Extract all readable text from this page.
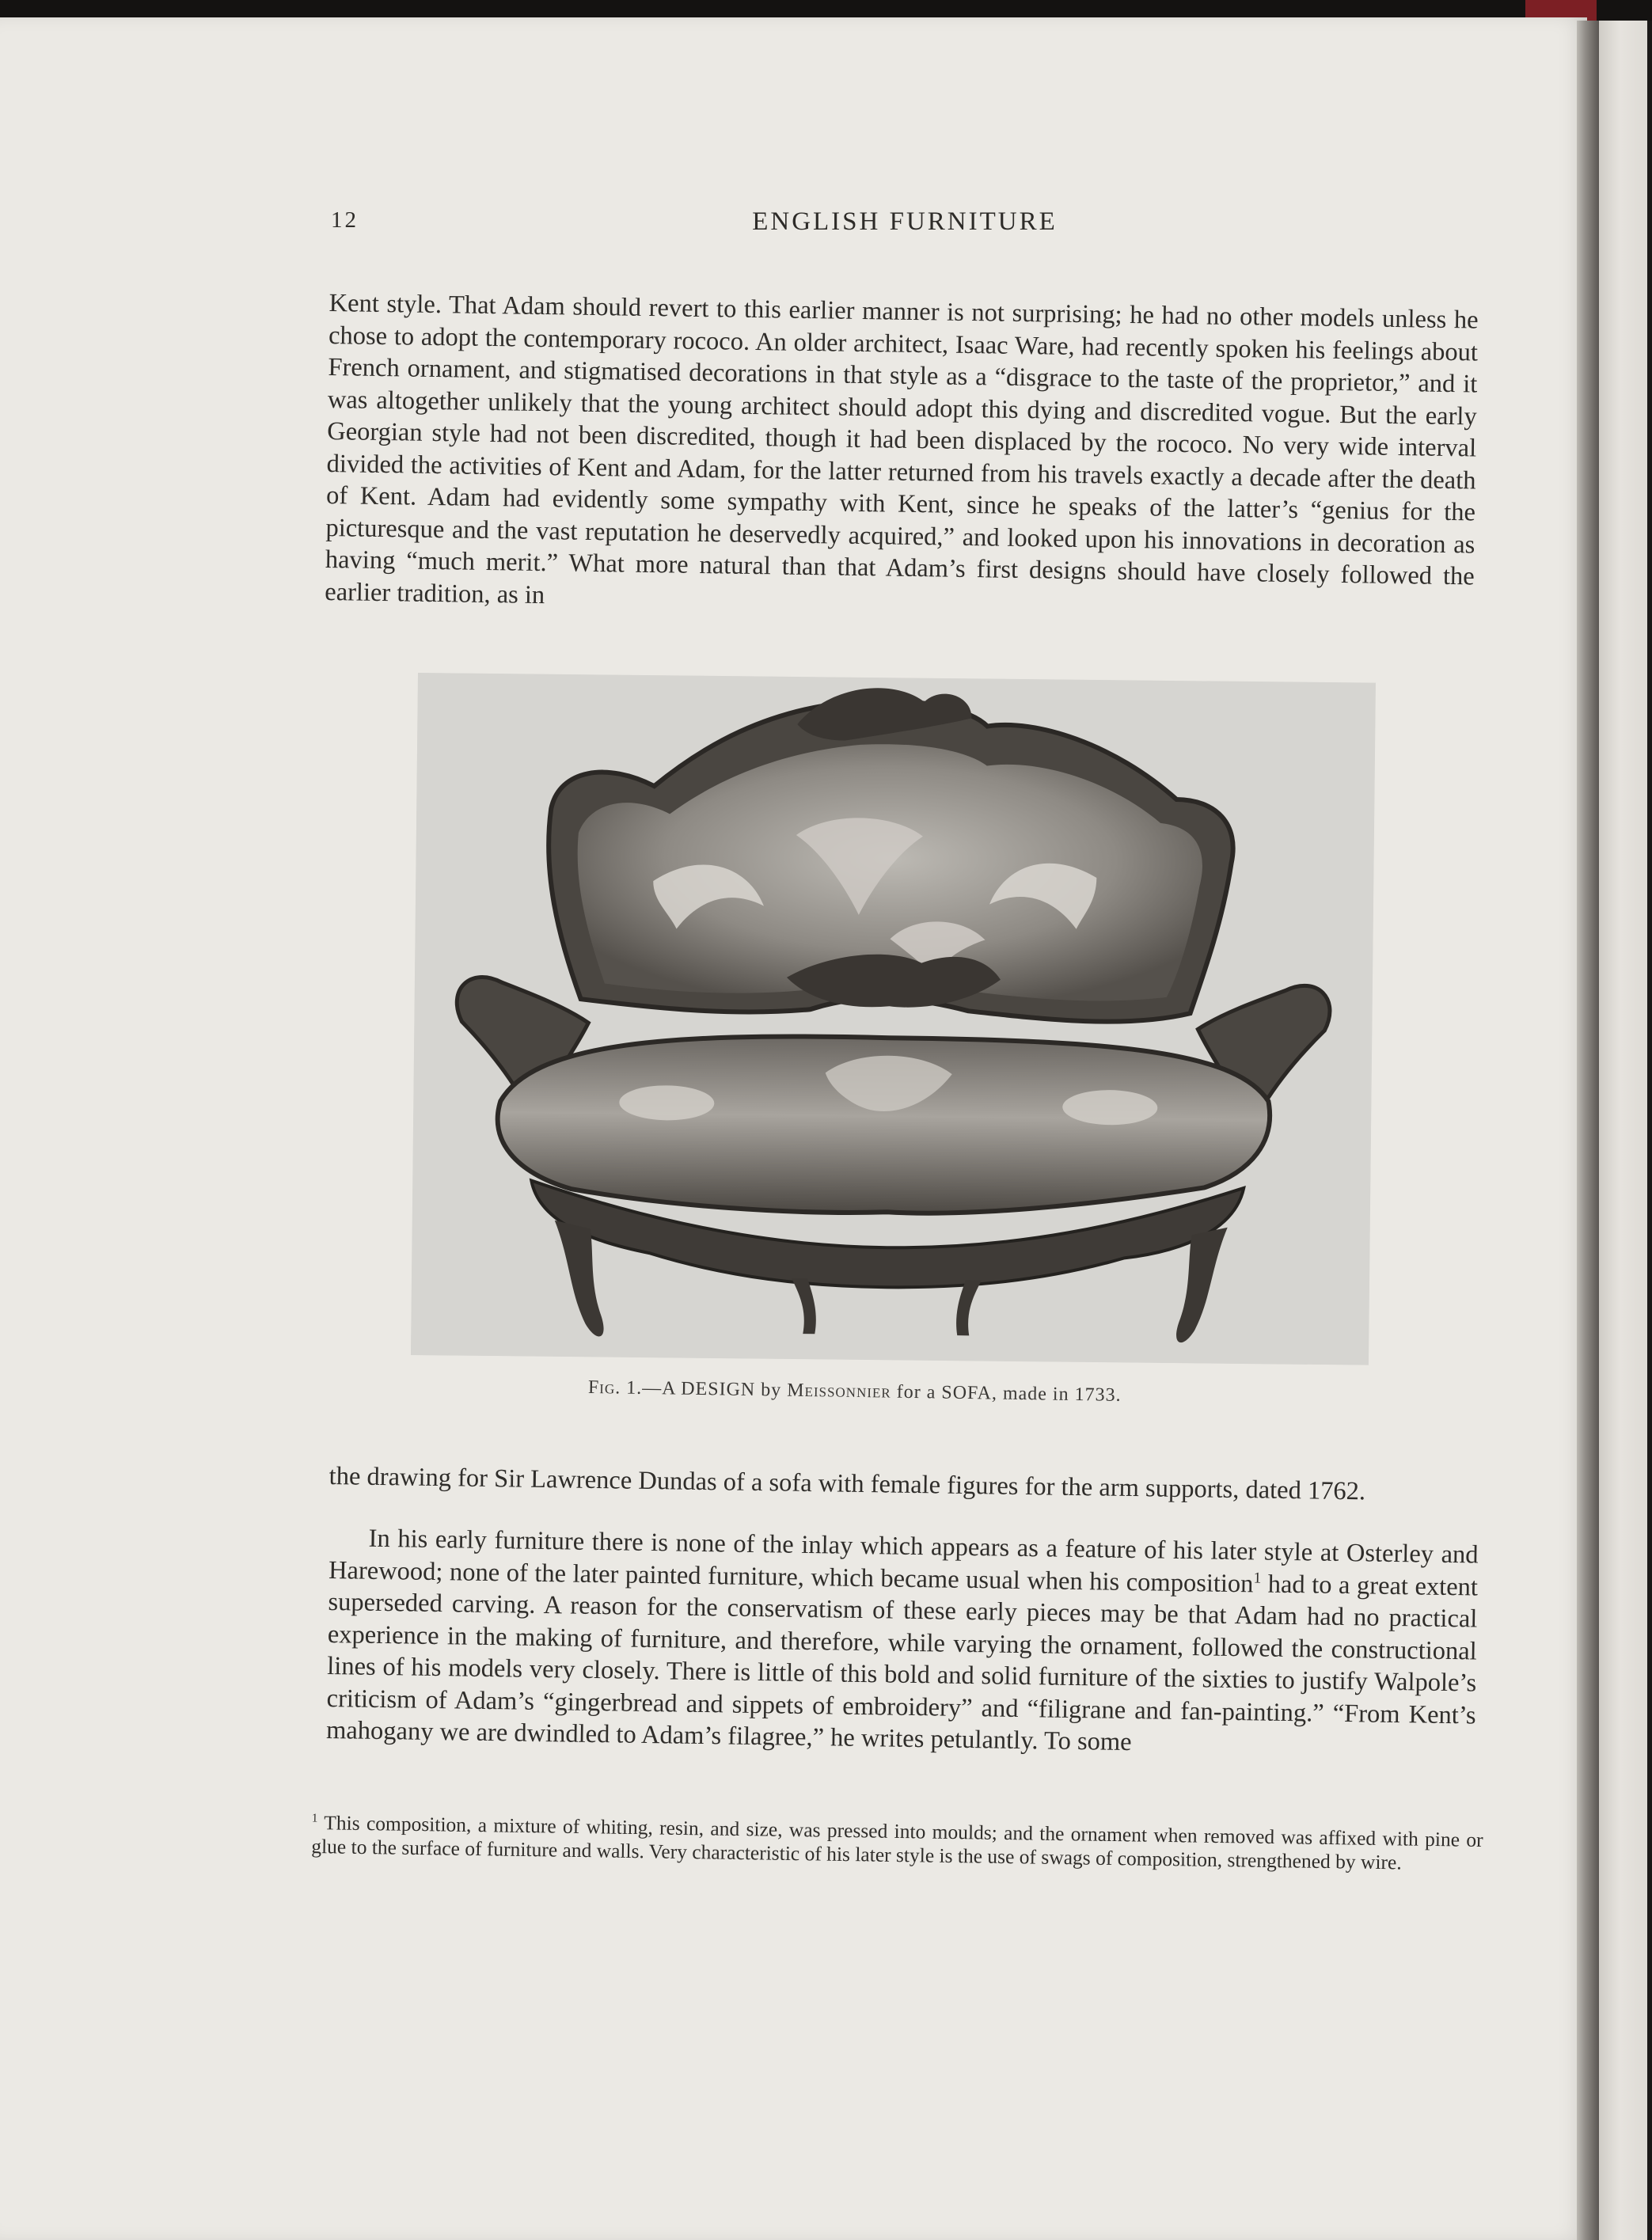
12	ENGLISH FURNITURE

Kent style. That Adam should revert to this earlier manner is not surprising; he had no other models unless he chose to adopt the contemporary rococo. An older architect, Isaac Ware, had recently spoken his feelings about French ornament, and stigmatised decorations in that style as a “disgrace to the taste of the proprietor,” and it was altogether unlikely that the young architect should adopt this dying and discredited vogue. But the early Georgian style had not been discredited, though it had been displaced by the rococo. No very wide interval divided the activities of Kent and Adam, for the latter returned from his travels exactly a decade after the death of Kent. Adam had evidently some sympathy with Kent, since he speaks of the latter’s “genius for the picturesque and the vast reputation he deservedly acquired,” and looked upon his innovations in decoration as having “much merit.” What more natural than that Adam’s first designs should have closely followed the earlier tradition, as in

Fig. 1.—A DESIGN by Meissonnier for a SOFA, made in 1733.

the drawing for Sir Lawrence Dundas of a sofa with female figures for the arm supports, dated 1762.

In his early furniture there is none of the inlay which appears as a feature of his later style at Osterley and Harewood; none of the later painted furniture, which became usual when his composition$^1$ had to a great extent superseded carving. A reason for the conservatism of these early pieces may be that Adam had no practical experience in the making of furniture, and therefore, while varying the ornament, followed the constructional lines of his models very closely. There is little of this bold and solid furniture of the sixties to justify Walpole’s criticism of Adam’s “gingerbread and sippets of embroidery” and “filigrane and fan-painting.” “From Kent’s mahogany we are dwindled to Adam’s filagree,” he writes petulantly. To some

$^1$ This composition, a mixture of whiting, resin, and size, was pressed into moulds; and the ornament when removed was affixed with pine or glue to the surface of furniture and walls. Very characteristic of his later style is the use of swags of composition, strengthened by wire.
